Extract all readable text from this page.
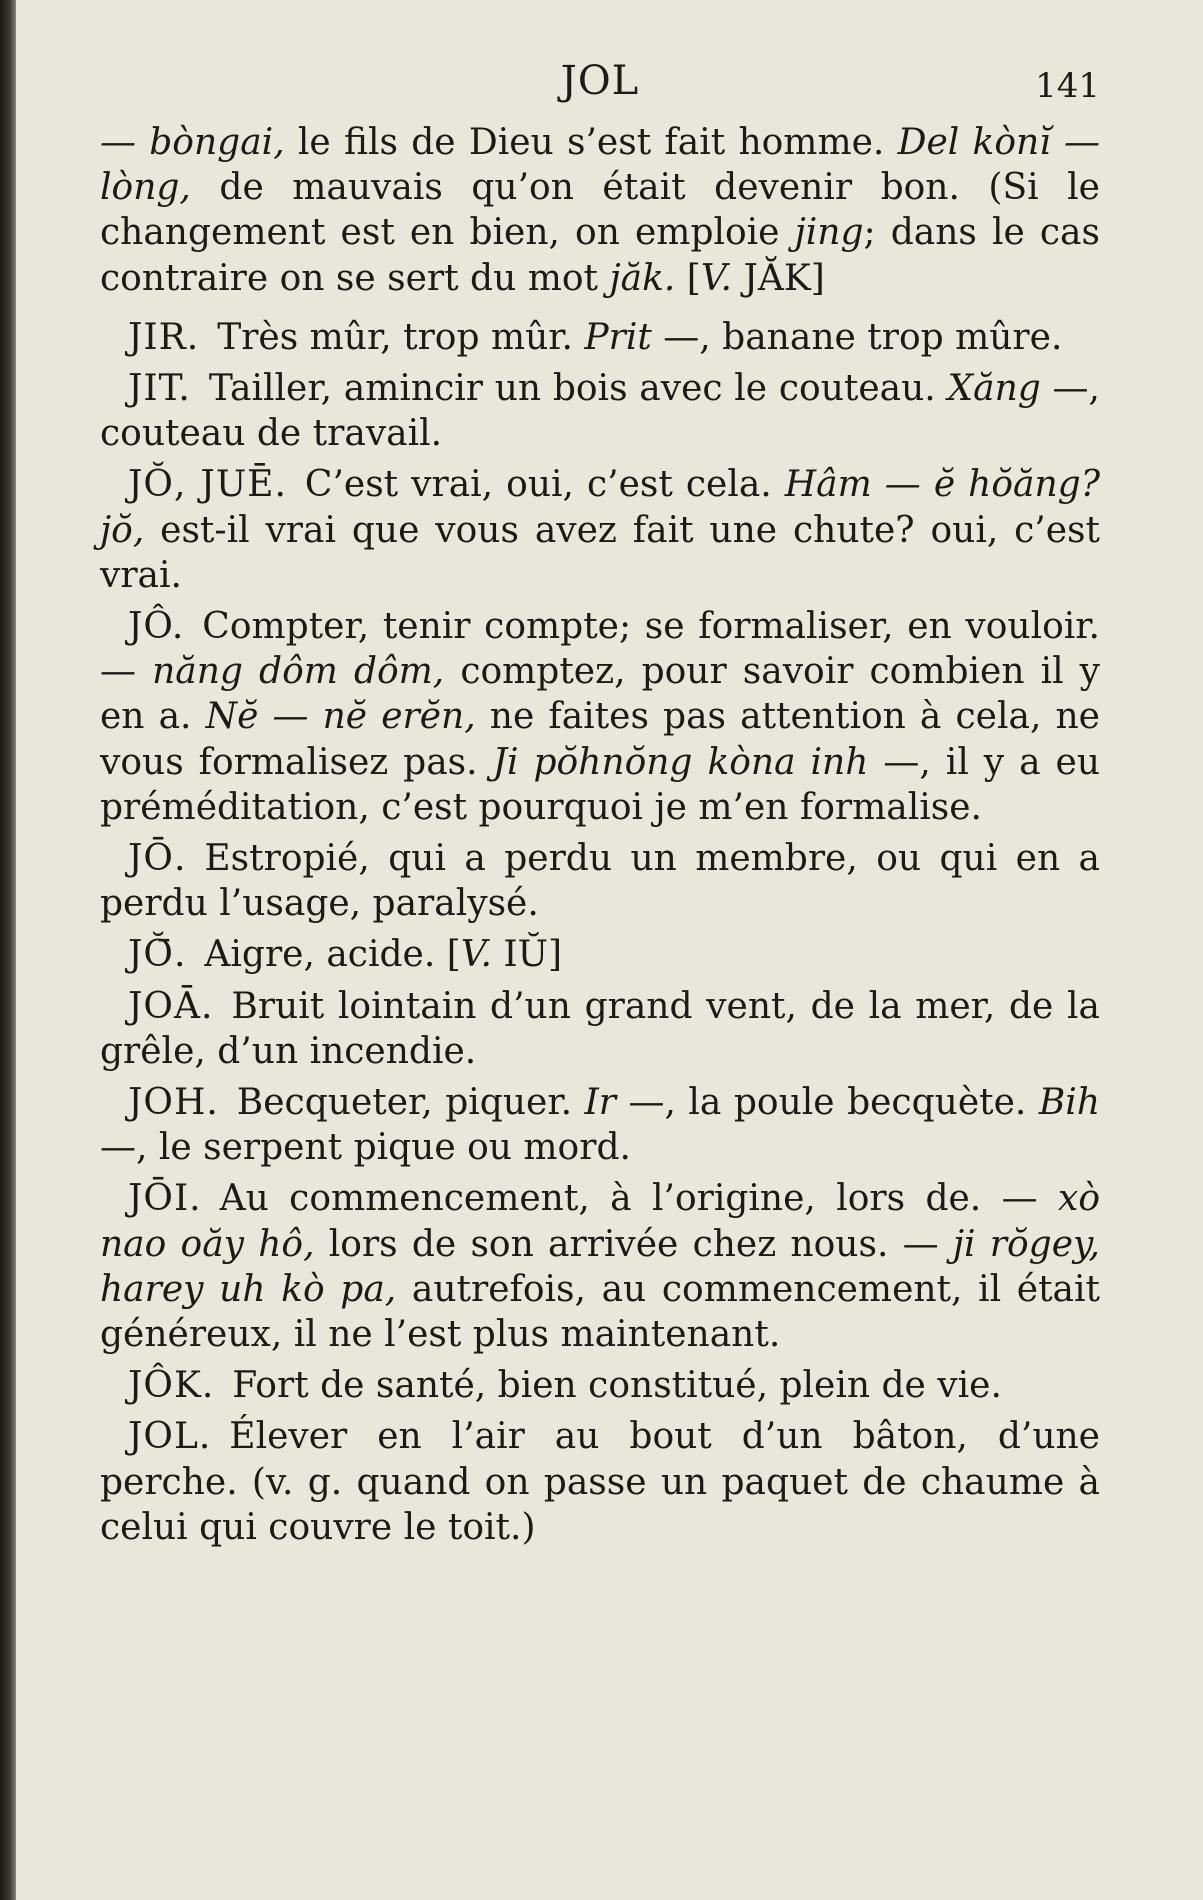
JOL	141

— bòngai, le fils de Dieu s’est fait homme. Del kònĭ — lòng, de mauvais qu’on était devenir bon. (Si le changement est en bien, on emploie jing; dans le cas contraire on se sert du mot jăk. [V. JĂK]

JIR. Très mûr, trop mûr. Prit —, banane trop mûre.

JIT. Tailler, amincir un bois avec le couteau. Xăng —, couteau de travail.

JŎ, JUĒ. C’est vrai, oui, c’est cela. Hâm — ĕ hŏăng? jŏ, est-il vrai que vous avez fait une chute? oui, c’est vrai.

JÔ. Compter, tenir compte; se formaliser, en vouloir. — năng dôm dôm, comptez, pour savoir combien il y en a. Nĕ — nĕ erĕn, ne faites pas attention à cela, ne vous formalisez pas. Ji pŏhnŏng kòna inh —, il y a eu préméditation, c’est pourquoi je m’en formalise.

JŌ. Estropié, qui a perdu un membre, ou qui en a perdu l’usage, paralysé.

JŎ̄. Aigre, acide. [V. IŬ]

JOĀ. Bruit lointain d’un grand vent, de la mer, de la grêle, d’un incendie.

JOH. Becqueter, piquer. Ir —, la poule becquète. Bih —, le serpent pique ou mord.

JŌI. Au commencement, à l’origine, lors de. — xò nao oăy hô, lors de son arrivée chez nous. — ji rŏgey, harey uh kò pa, autrefois, au commencement, il était généreux, il ne l’est plus maintenant.

JÔK. Fort de santé, bien constitué, plein de vie.

JOL. Élever en l’air au bout d’un bâton, d’une perche. (v. g. quand on passe un paquet de chaume à celui qui couvre le toit.)
